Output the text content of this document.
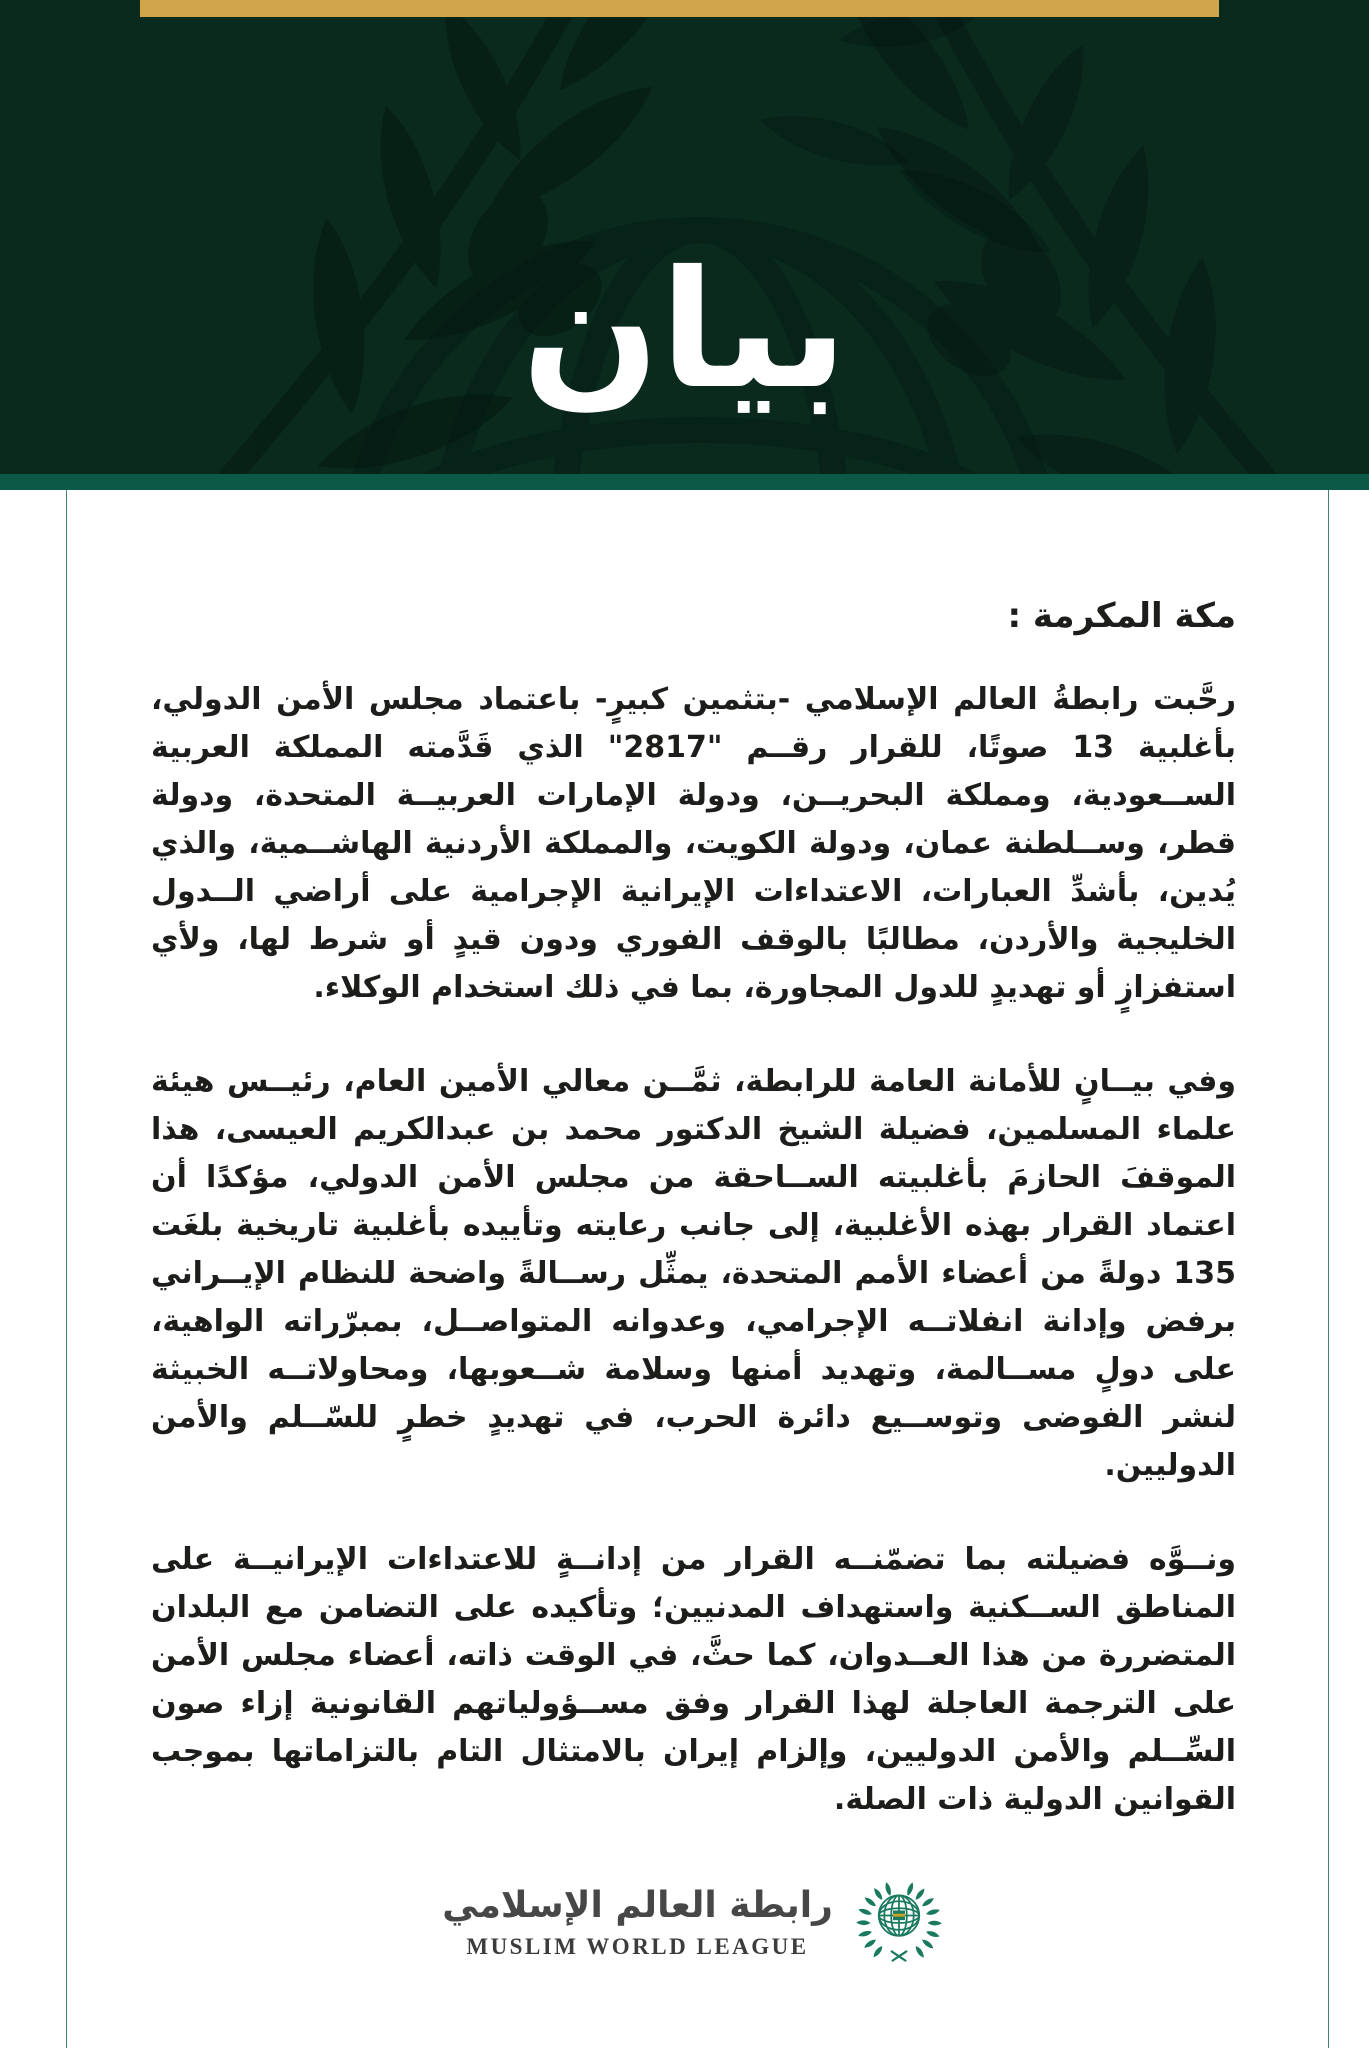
بيان
مكة المكرمة :

رحَّبت رابطةُ العالم الإسلامي -بتثمين كبيرٍ- باعتماد مجلس الأمن الدولي، بأغلبية 13 صوتًا، للقرار رقــم "2817" الذي قَدَّمته المملكة العربية الســعودية، ومملكة البحريــن، ودولة الإمارات العربيــة المتحدة، ودولة قطر، وســلطنة عمان، ودولة الكويت، والمملكة الأردنية الهاشــمية، والذي يُدين، بأشدِّ العبارات، الاعتداءات الإيرانية الإجرامية على أراضي الــدول الخليجية والأردن، مطالبًا بالوقف الفوري ودون قيدٍ أو شرط لها، ولأي استفزازٍ أو تهديدٍ للدول المجاورة، بما في ذلك استخدام الوكلاء.

وفي بيــانٍ للأمانة العامة للرابطة، ثمَّــن معالي الأمين العام، رئيــس هيئة علماء المسلمين، فضيلة الشيخ الدكتور محمد بن عبدالكريم العيسى، هذا الموقفَ الحازمَ بأغلبيته الســاحقة من مجلس الأمن الدولي، مؤكدًا أن اعتماد القرار بهذه الأغلبية، إلى جانب رعايته وتأييده بأغلبية تاريخية بلغَت 135 دولةً من أعضاء الأمم المتحدة، يمثِّل رســالةً واضحة للنظام الإيــراني برفض وإدانة انفلاتــه الإجرامي، وعدوانه المتواصــل، بمبرّراته الواهية، على دولٍ مســالمة، وتهديد أمنها وسلامة شــعوبها، ومحاولاتــه الخبيثة لنشر الفوضى وتوســيع دائرة الحرب، في تهديدٍ خطرٍ للسّــلم والأمن الدوليين.

ونــوَّه فضيلته بما تضمّنــه القرار من إدانــةٍ للاعتداءات الإيرانيــة على المناطق الســكنية واستهداف المدنيين؛ وتأكيده على التضامن مع البلدان المتضررة من هذا العــدوان، كما حثَّ، في الوقت ذاته، أعضاء مجلس الأمن على الترجمة العاجلة لهذا القرار وفق مســؤولياتهم القانونية إزاء صون السِّــلم والأمن الدوليين، وإلزام إيران بالامتثال التام بالتزاماتها بموجب القوانين الدولية ذات الصلة.

رابطة العالم الإسلامي
MUSLIM WORLD LEAGUE
